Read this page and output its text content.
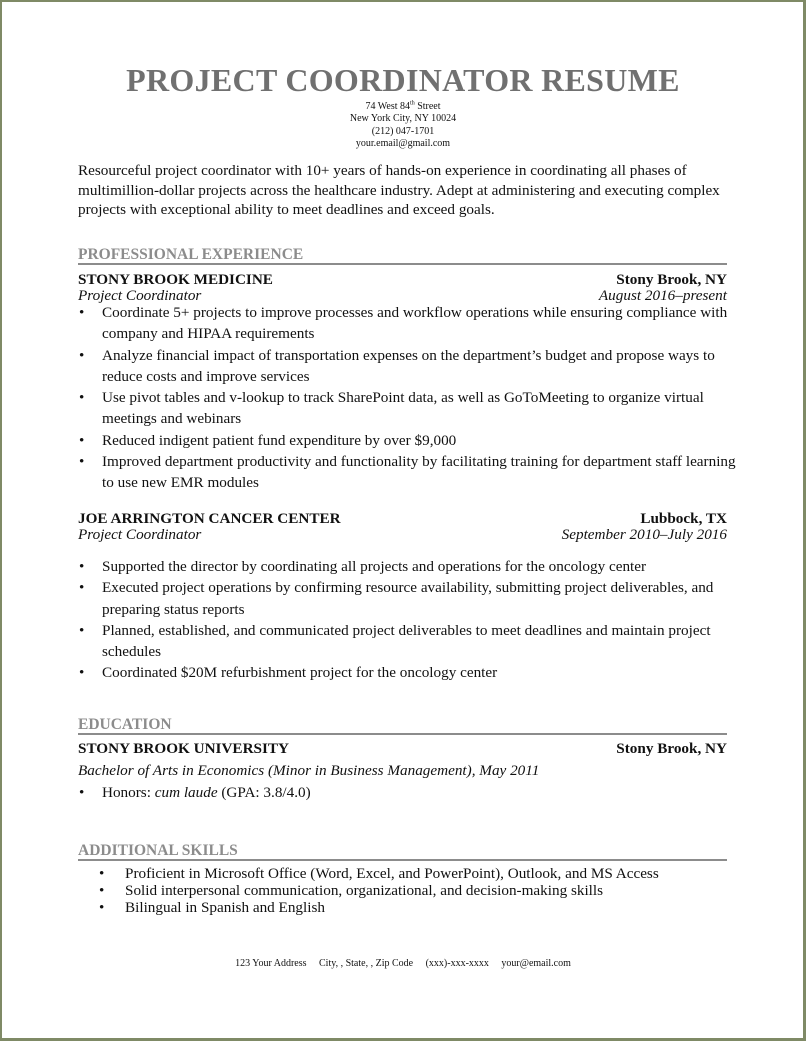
PROJECT COORDINATOR RESUME
74 West 84th Street
New York City, NY 10024
(212) 047-1701
your.email@gmail.com
Resourceful project coordinator with 10+ years of hands-on experience in coordinating all phases of multimillion-dollar projects across the healthcare industry. Adept at administering and executing complex projects with exceptional ability to meet deadlines and exceed goals.
PROFESSIONAL EXPERIENCE
STONY BROOK MEDICINE	Stony Brook, NY
Project Coordinator	August 2016–present
• Coordinate 5+ projects to improve processes and workflow operations while ensuring compliance with company and HIPAA requirements
• Analyze financial impact of transportation expenses on the department’s budget and propose ways to reduce costs and improve services
• Use pivot tables and v-lookup to track SharePoint data, as well as GoToMeeting to organize virtual meetings and webinars
• Reduced indigent patient fund expenditure by over $9,000
• Improved department productivity and functionality by facilitating training for department staff learning to use new EMR modules
JOE ARRINGTON CANCER CENTER	Lubbock, TX
Project Coordinator	September 2010–July 2016
• Supported the director by coordinating all projects and operations for the oncology center
• Executed project operations by confirming resource availability, submitting project deliverables, and preparing status reports
• Planned, established, and communicated project deliverables to meet deadlines and maintain project schedules
• Coordinated $20M refurbishment project for the oncology center
EDUCATION
STONY BROOK UNIVERSITY	Stony Brook, NY
Bachelor of Arts in Economics (Minor in Business Management), May 2011
• Honors: cum laude (GPA: 3.8/4.0)
ADDITIONAL SKILLS
• Proficient in Microsoft Office (Word, Excel, and PowerPoint), Outlook, and MS Access
• Solid interpersonal communication, organizational, and decision-making skills
• Bilingual in Spanish and English
123 Your Address City, , State, , Zip Code (xxx)-xxx-xxxx your@email.com
